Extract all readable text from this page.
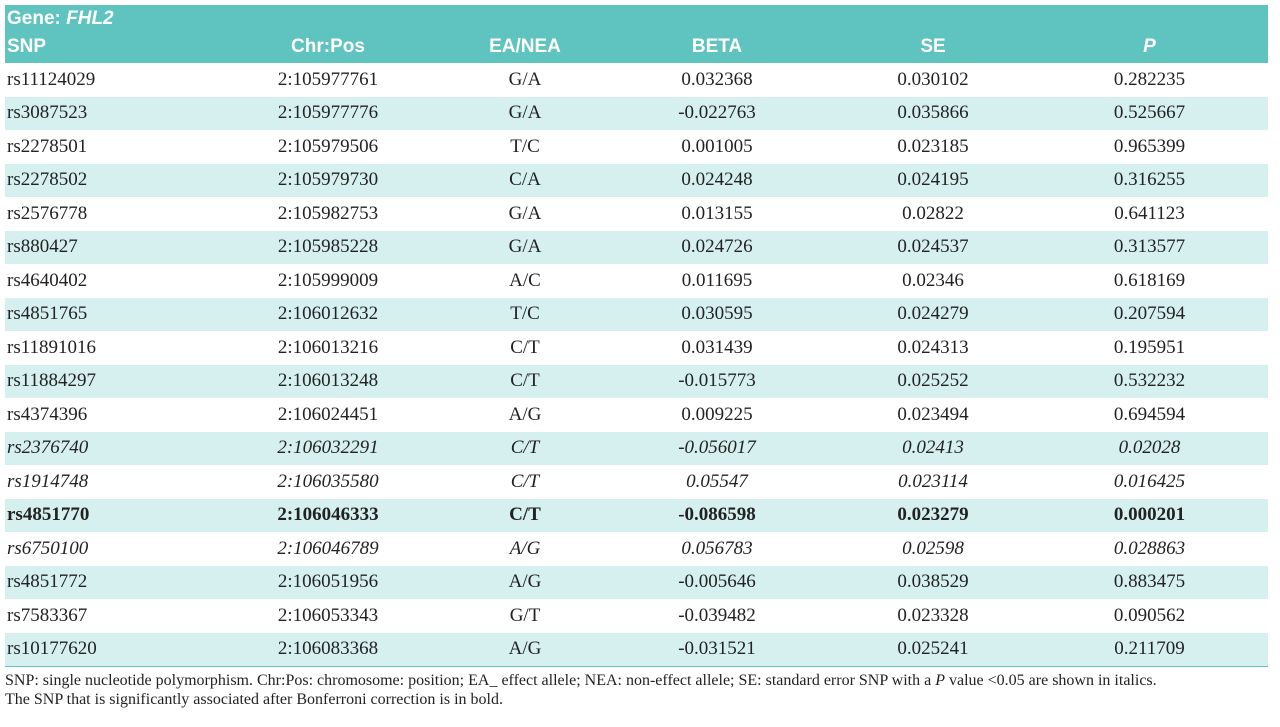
Gene: FHL2
SNP	Chr:Pos	EA/NEA	BETA	SE	P
rs11124029	2:105977761	G/A	0.032368	0.030102	0.282235
rs3087523	2:105977776	G/A	-0.022763	0.035866	0.525667
rs2278501	2:105979506	T/C	0.001005	0.023185	0.965399
rs2278502	2:105979730	C/A	0.024248	0.024195	0.316255
rs2576778	2:105982753	G/A	0.013155	0.02822	0.641123
rs880427	2:105985228	G/A	0.024726	0.024537	0.313577
rs4640402	2:105999009	A/C	0.011695	0.02346	0.618169
rs4851765	2:106012632	T/C	0.030595	0.024279	0.207594
rs11891016	2:106013216	C/T	0.031439	0.024313	0.195951
rs11884297	2:106013248	C/T	-0.015773	0.025252	0.532232
rs4374396	2:106024451	A/G	0.009225	0.023494	0.694594
rs2376740	2:106032291	C/T	-0.056017	0.02413	0.02028
rs1914748	2:106035580	C/T	0.05547	0.023114	0.016425
rs4851770	2:106046333	C/T	-0.086598	0.023279	0.000201
rs6750100	2:106046789	A/G	0.056783	0.02598	0.028863
rs4851772	2:106051956	A/G	-0.005646	0.038529	0.883475
rs7583367	2:106053343	G/T	-0.039482	0.023328	0.090562
rs10177620	2:106083368	A/G	-0.031521	0.025241	0.211709
SNP: single nucleotide polymorphism. Chr:Pos: chromosome: position; EA_ effect allele; NEA: non-effect allele; SE: standard error SNP with a P value <0.05 are shown in italics.
The SNP that is significantly associated after Bonferroni correction is in bold.
